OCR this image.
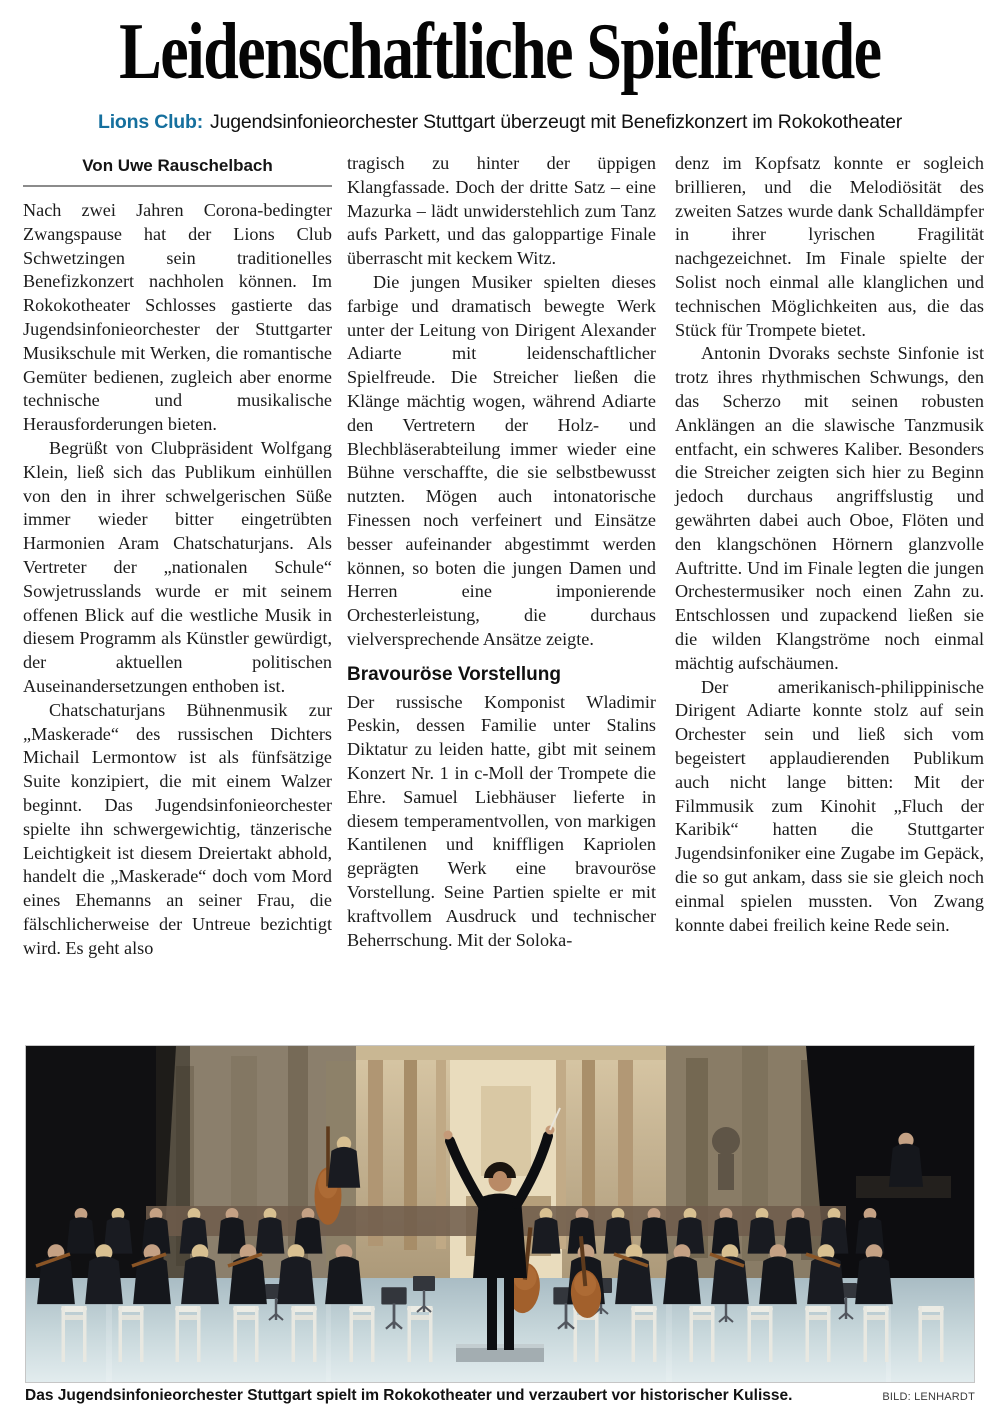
Leidenschaftliche Spielfreude
Lions Club: Jugendsinfonieorchester Stuttgart überzeugt mit Benefizkonzert im Rokokotheater
Von Uwe Rauschelbach

Nach zwei Jahren Corona-bedingter Zwangspause hat der Lions Club Schwetzingen sein traditionelles Benefizkonzert nachholen können. Im Rokokotheater Schlosses gastierte das Jugendsinfonieorchester der Stuttgarter Musikschule mit Werken, die romantische Gemüter bedienen, zugleich aber enorme technische und musikalische Herausforderungen bieten.

Begrüßt von Clubpräsident Wolfgang Klein, ließ sich das Publikum einhüllen von den in ihrer schwelgerischen Süße immer wieder bitter eingetrübten Harmonien Aram Chatschaturjans. Als Vertreter der „nationalen Schule“ Sowjetrusslands wurde er mit seinem offenen Blick auf die westliche Musik in diesem Programm als Künstler gewürdigt, der aktuellen politischen Auseinandersetzungen enthoben ist.

Chatschaturjans Bühnenmusik zur „Maskerade“ des russischen Dichters Michail Lermontow ist als fünfsätzige Suite konzipiert, die mit einem Walzer beginnt. Das Jugendsinfonieorchester spielte ihn schwergewichtig, tänzerische Leichtigkeit ist diesem Dreiertakt abhold, handelt die „Maskerade“ doch vom Mord eines Ehemanns an seiner Frau, die fälschlicherweise der Untreue bezichtigt wird. Es geht also

tragisch zu hinter der üppigen Klangfassade. Doch der dritte Satz – eine Mazurka – lädt unwiderstehlich zum Tanz aufs Parkett, und das galoppartige Finale überrascht mit keckem Witz.

Die jungen Musiker spielten dieses farbige und dramatisch bewegte Werk unter der Leitung von Dirigent Alexander Adiarte mit leidenschaftlicher Spielfreude. Die Streicher ließen die Klänge mächtig wogen, während Adiarte den Vertretern der Holz- und Blechbläserabteilung immer wieder eine Bühne verschaffte, die sie selbstbewusst nutzten. Mögen auch intonatorische Finessen noch verfeinert und Einsätze besser aufeinander abgestimmt werden können, so boten die jungen Damen und Herren eine imponierende Orchesterleistung, die durchaus vielversprechende Ansätze zeigte.

Bravouröse Vorstellung

Der russische Komponist Wladimir Peskin, dessen Familie unter Stalins Diktatur zu leiden hatte, gibt mit seinem Konzert Nr. 1 in c-Moll der Trompete die Ehre. Samuel Liebhäuser lieferte in diesem temperamentvollen, von markigen Kantilenen und kniffligen Kapriolen geprägten Werk eine bravouröse Vorstellung. Seine Partien spielte er mit kraftvollem Ausdruck und technischer Beherrschung. Mit der Soloka-

denz im Kopfsatz konnte er sogleich brillieren, und die Melodiösität des zweiten Satzes wurde dank Schalldämpfer in ihrer lyrischen Fragilität nachgezeichnet. Im Finale spielte der Solist noch einmal alle klanglichen und technischen Möglichkeiten aus, die das Stück für Trompete bietet.

Antonin Dvoraks sechste Sinfonie ist trotz ihres rhythmischen Schwungs, den das Scherzo mit seinen robusten Anklängen an die slawische Tanzmusik entfacht, ein schweres Kaliber. Besonders die Streicher zeigten sich hier zu Beginn jedoch durchaus angriffslustig und gewährten dabei auch Oboe, Flöten und den klangschönen Hörnern glanzvolle Auftritte. Und im Finale legten die jungen Orchestermusiker noch einen Zahn zu. Entschlossen und zupackend ließen sie die wilden Klangströme noch einmal mächtig aufschäumen.

Der amerikanisch-philippinische Dirigent Adiarte konnte stolz auf sein Orchester sein und ließ sich vom begeistert applaudierenden Publikum auch nicht lange bitten: Mit der Filmmusik zum Kinohit „Fluch der Karibik“ hatten die Stuttgarter Jugendsinfoniker eine Zugabe im Gepäck, die so gut ankam, dass sie sie gleich noch einmal spielen mussten. Von Zwang konnte dabei freilich keine Rede sein.

Das Jugendsinfonieorchester Stuttgart spielt im Rokokotheater und verzaubert vor historischer Kulisse.	BILD: LENHARDT
